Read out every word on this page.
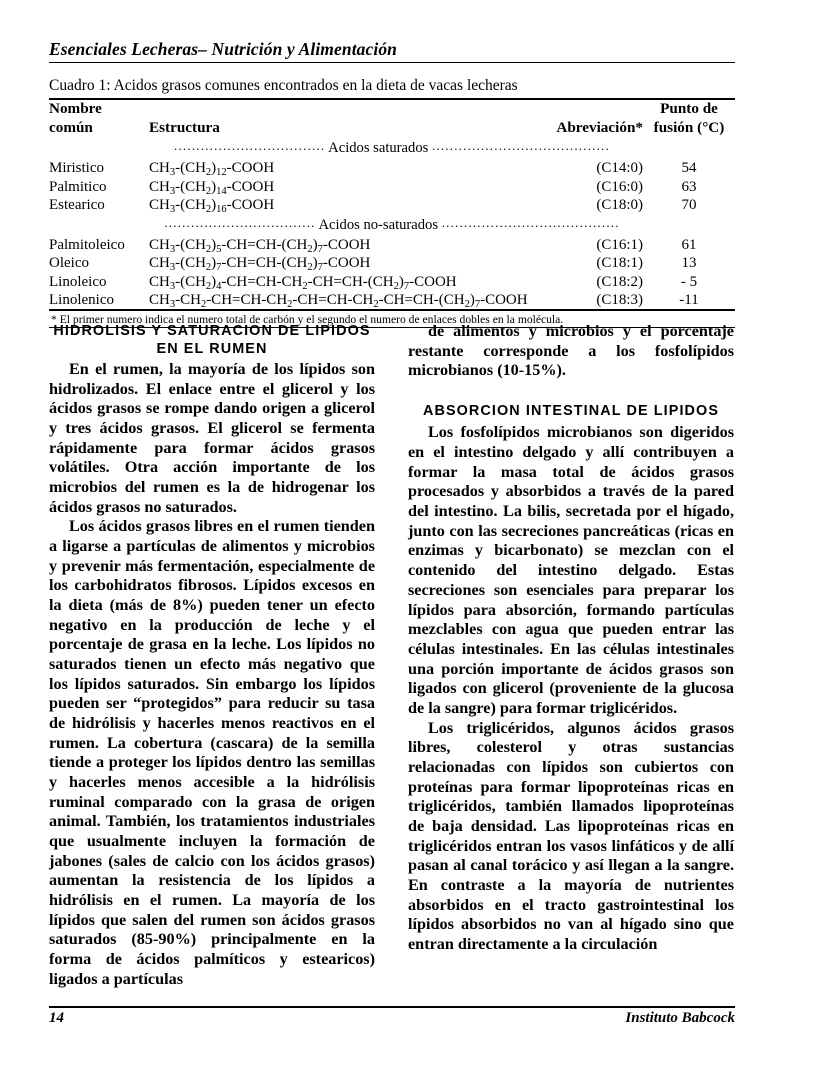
Esenciales Lecheras– Nutrición y Alimentación
Cuadro 1: Acidos grasos comunes encontrados en la dieta de vacas lecheras
Nombre
común	Estructura	Abreviación*	Punto de
fusión (°C)

.................................. Acidos saturados ........................................			
Miristico	$CH_3-(CH_2)_{12}$-COOH	(C14:0)	54
Palmitico	$CH_3-(CH_2)_{14}$-COOH	(C16:0)	63
Estearico	$CH_3-(CH_2)_{16}$-COOH	(C18:0)	70
.................................. Acidos no-saturados ........................................			
Palmitoleico	$CH_3-(CH_2)_5-CH=CH-(CH_2)_7$-COOH	(C16:1)	61
Oleico	$CH_3-(CH_2)_7-CH=CH-(CH_2)_7$-COOH	(C18:1)	13
Linoleico	$CH_3-(CH_2)_4-CH=CH-CH_2-CH=CH-(CH_2)_7$-COOH	(C18:2)	- 5
Linolenico	$CH_3-CH_2-CH=CH-CH_2-CH=CH-CH_2-CH=CH-(CH_2)_7$-COOH	(C18:3)	-11
* El primer numero indica el numero total de carbón y el segundo el numero de enlaces dobles en la molécula.
HIDROLISIS Y SATURACION DE LIPIDOS EN EL RUMEN

En el rumen, la mayoría de los lípidos son hidrolizados. El enlace entre el glicerol y los ácidos grasos se rompe dando origen a glicerol y tres ácidos grasos. El glicerol se fermenta rápidamente para formar ácidos grasos volátiles. Otra acción importante de los microbios del rumen es la de hidrogenar los ácidos grasos no saturados.

Los ácidos grasos libres en el rumen tienden a ligarse a partículas de alimentos y microbios y prevenir más fermentación, especialmente de los carbohidratos fibrosos. Lípidos excesos en la dieta (más de 8%) pueden tener un efecto negativo en la producción de leche y el porcentaje de grasa en la leche. Los lípidos no saturados tienen un efecto más negativo que los lípidos saturados. Sin embargo los lípidos pueden ser “protegidos” para reducir su tasa de hidrólisis y hacerles menos reactivos en el rumen. La cobertura (cascara) de la semilla tiende a proteger los lípidos dentro las semillas y hacerles menos accesible a la hidrólisis ruminal comparado con la grasa de origen animal. También, los tratamientos industriales que usualmente incluyen la formación de jabones (sales de calcio con los ácidos grasos) aumentan la resistencia de los lípidos a hidrólisis en el rumen. La mayoría de los lípidos que salen del rumen son ácidos grasos saturados (85-90%) principalmente en la forma de ácidos palmíticos y estearicos) ligados a partículas

de alimentos y microbios y el porcentaje restante corresponde a los fosfolípidos microbianos (10-15%).

ABSORCION INTESTINAL DE LIPIDOS

Los fosfolípidos microbianos son digeridos en el intestino delgado y allí contribuyen a formar la masa total de ácidos grasos procesados y absorbidos a través de la pared del intestino. La bilis, secretada por el hígado, junto con las secreciones pancreáticas (ricas en enzimas y bicarbonato) se mezclan con el contenido del intestino delgado. Estas secreciones son esenciales para preparar los lípidos para absorción, formando partículas mezclables con agua que pueden entrar las células intestinales. En las células intestinales una porción importante de ácidos grasos son ligados con glicerol (proveniente de la glucosa de la sangre) para formar triglicéridos.

Los triglicéridos, algunos ácidos grasos libres, colesterol y otras sustancias relacionadas con lípidos son cubiertos con proteínas para formar lipoproteínas ricas en triglicéridos, también llamados lipoproteínas de baja densidad. Las lipoproteínas ricas en triglicéridos entran los vasos linfáticos y de allí pasan al canal torácico y así llegan a la sangre. En contraste a la mayoría de nutrientes absorbidos en el tracto gastrointestinal los lípidos absorbidos no van al hígado sino que entran directamente a la circulación

14	Instituto Babcock
